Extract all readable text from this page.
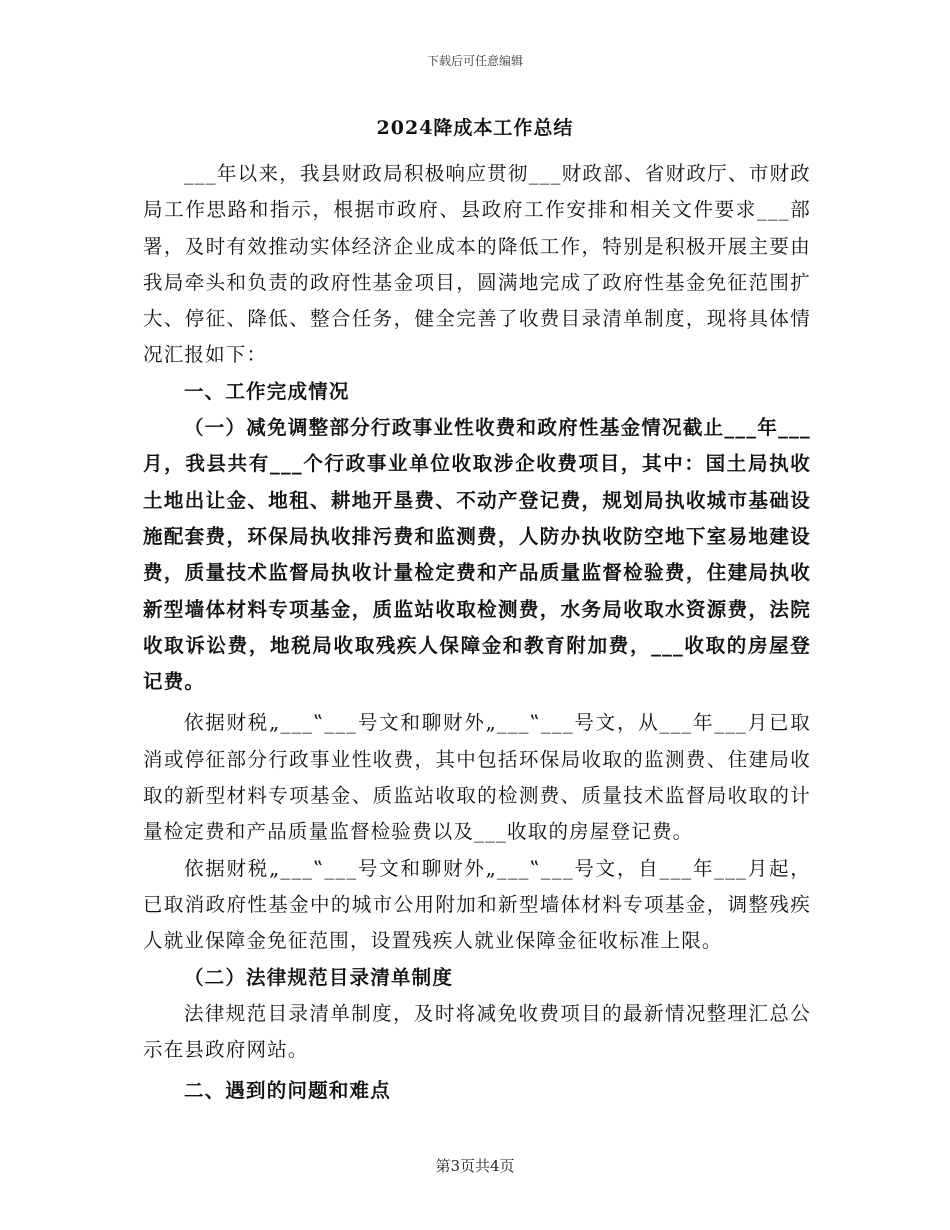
下载后可任意编辑
2024降成本工作总结

___年以来，我县财政局积极响应贯彻___财政部、省财政厅、市财政局工作思路和指示，根据市政府、县政府工作安排和相关文件要求___部署，及时有效推动实体经济企业成本的降低工作，特别是积极开展主要由我局牵头和负责的政府性基金项目，圆满地完成了政府性基金免征范围扩大、停征、降低、整合任务，健全完善了收费目录清单制度，现将具体情况汇报如下：

一、工作完成情况

（一）减免调整部分行政事业性收费和政府性基金情况截止___年___月，我县共有___个行政事业单位收取涉企收费项目，其中：国土局执收土地出让金、地租、耕地开垦费、不动产登记费，规划局执收城市基础设施配套费，环保局执收排污费和监测费，人防办执收防空地下室易地建设费，质量技术监督局执收计量检定费和产品质量监督检验费，住建局执收新型墙体材料专项基金，质监站收取检测费，水务局收取水资源费，法院收取诉讼费，地税局收取残疾人保障金和教育附加费，___收取的房屋登记费。

依据财税„___‟___号文和聊财外„___‟___号文，从___年___月已取消或停征部分行政事业性收费，其中包括环保局收取的监测费、住建局收取的新型材料专项基金、质监站收取的检测费、质量技术监督局收取的计量检定费和产品质量监督检验费以及___收取的房屋登记费。

依据财税„___‟___号文和聊财外„___‟___号文，自___年___月起，已取消政府性基金中的城市公用附加和新型墙体材料专项基金，调整残疾人就业保障金免征范围，设置残疾人就业保障金征收标准上限。

（二）法律规范目录清单制度

法律规范目录清单制度，及时将减免收费项目的最新情况整理汇总公示在县政府网站。

二、遇到的问题和难点

第3页共4页
